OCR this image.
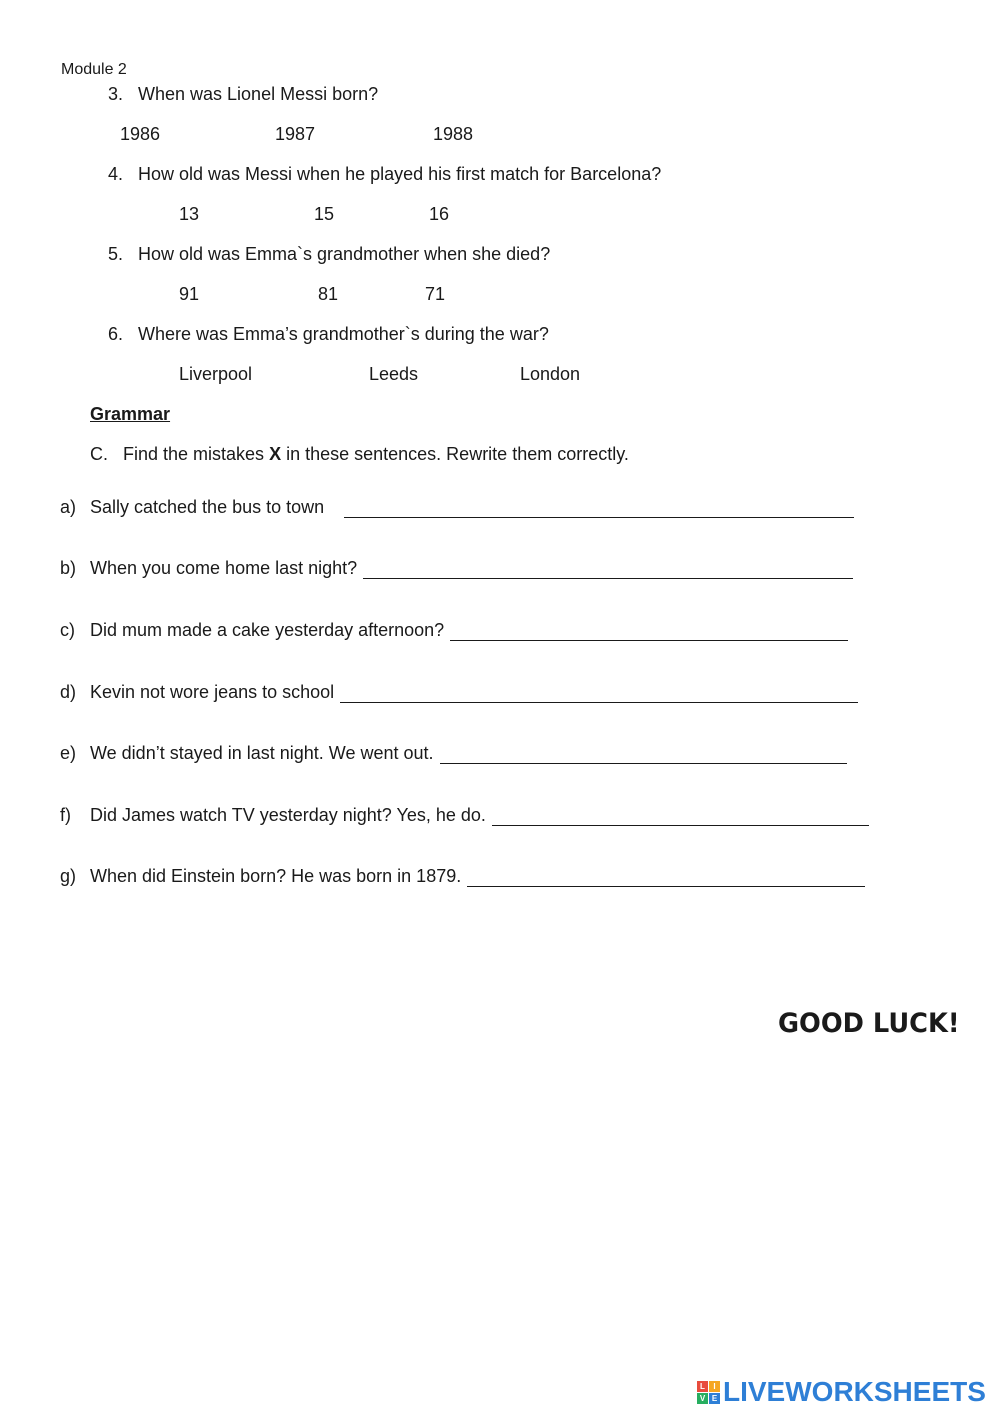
Module 2
3. When was Lionel Messi born?
1986	1987	1988
4. How old was Messi when he played his first match for Barcelona?
13	15	16
5. How old was Emma`s grandmother when she died?
91	81	71
6. Where was Emma’s grandmother`s during the war?
Liverpool	Leeds	London
Grammar
C.   Find the mistakes X in these sentences. Rewrite them correctly.
a) Sally catched the bus to town
b) When you come home last night?
c) Did mum made a cake yesterday afternoon?
d) Kevin not wore jeans to school
e) We didn’t stayed in last night. We went out.
f)	Did James watch TV yesterday night? Yes, he do.
g) When did Einstein born? He was born in 1879.
GOOD LUCK!
L	I
V E LIVEWORKSHEETS
